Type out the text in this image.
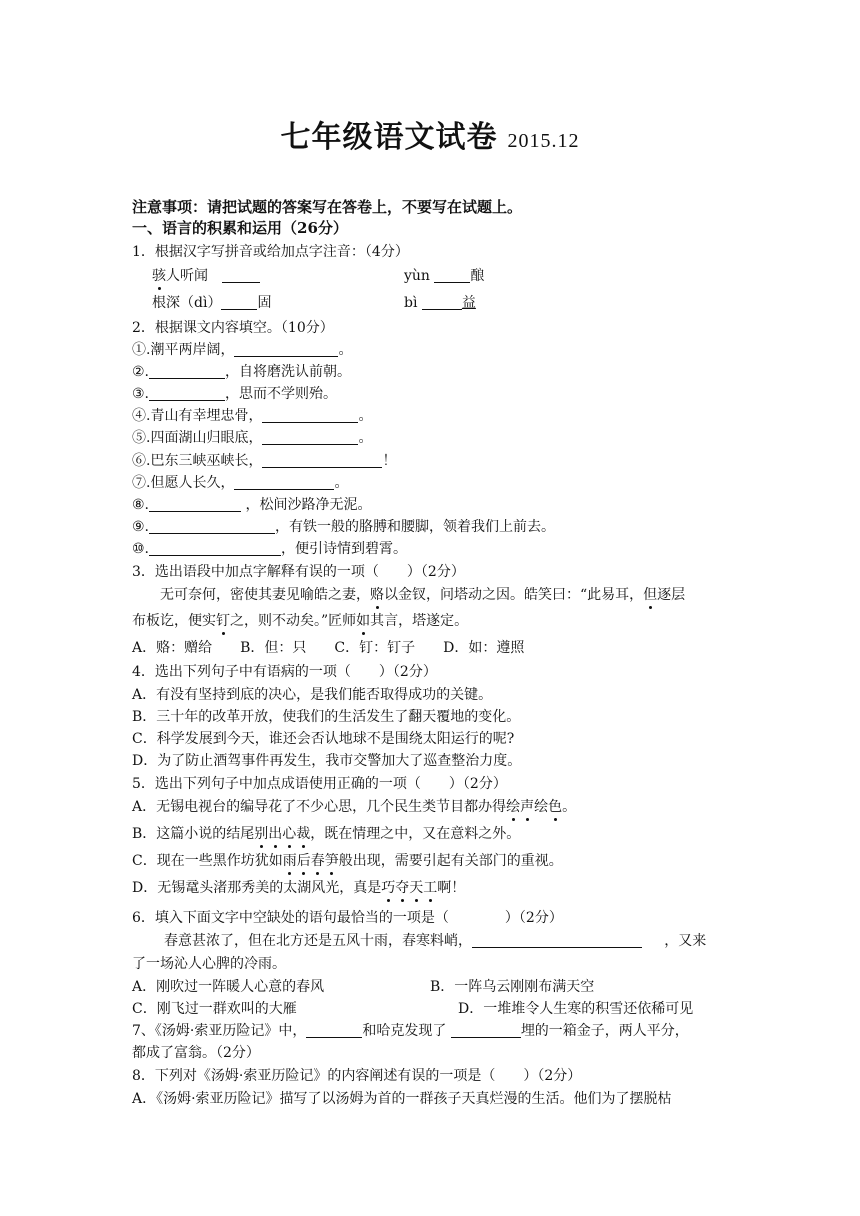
七年级语文试卷 2015.12
注意事项：请把试题的答案写在答卷上，不要写在试题上。
一、语言的积累和运用（26分）
1．根据汉字写拼音或给加点字注音：（4分）
骇人听闻	yùn	酿
根深（dì）	固	bì	益
2．根据课文内容填空。（10分）
①.潮平两岸阔，	。
②.	，自将磨洗认前朝。
③.	，思而不学则殆。
④.青山有幸埋忠骨，	。
⑤.四面湖山归眼底，	。
⑥.巴东三峡巫峡长，	！
⑦.但愿人长久，	。
⑧.	，松间沙路净无泥。
⑨.	，有铁一般的胳膊和腰脚，领着我们上前去。
⑩.	，便引诗情到碧霄。
3．选出语段中加点字解释有误的一项（　　）（2分）
无可奈何，密使其妻见喻皓之妻，赂以金钗，问塔动之因。皓笑曰：“此易耳，但逐层
布板讫，便实钉之，则不动矣。”匠师如其言，塔遂定。
A．赂：赠给　　B．但：只　　C．钉：钉子　　D．如：遵照
4．选出下列句子中有语病的一项（　　）（2分）
A．有没有坚持到底的决心，是我们能否取得成功的关键。
B．三十年的改革开放，使我们的生活发生了翻天覆地的变化。
C．科学发展到今天，谁还会否认地球不是围绕太阳运行的呢?
D．为了防止酒驾事件再发生，我市交警加大了巡查整治力度。
5．选出下列句子中加点成语使用正确的一项（　　）（2分）
A．无锡电视台的编导花了不少心思，几个民生类节目都办得绘声绘色。
B．这篇小说的结尾别出心裁，既在情理之中，又在意料之外。
C．现在一些黑作坊犹如雨后春笋般出现，需要引起有关部门的重视。
D．无锡鼋头渚那秀美的太湖风光，真是巧夺天工啊！
6．填入下面文字中空缺处的语句最恰当的一项是（　　　　）（2分）
春意甚浓了，但在北方还是五风十雨，春寒料峭，	，又来
了一场沁人心脾的冷雨。
A．刚吹过一阵暖人心意的春风	B．一阵乌云刚刚布满天空
C．刚飞过一群欢叫的大雁	D．一堆堆令人生寒的积雪还依稀可见
7、《汤姆·索亚历险记》中，	和哈克发现了	埋的一箱金子，两人平分，
都成了富翁。（2分）
8．下列对《汤姆·索亚历险记》的内容阐述有误的一项是（　　）（2分）
A．《汤姆·索亚历险记》描写了以汤姆为首的一群孩子天真烂漫的生活。他们为了摆脱枯
